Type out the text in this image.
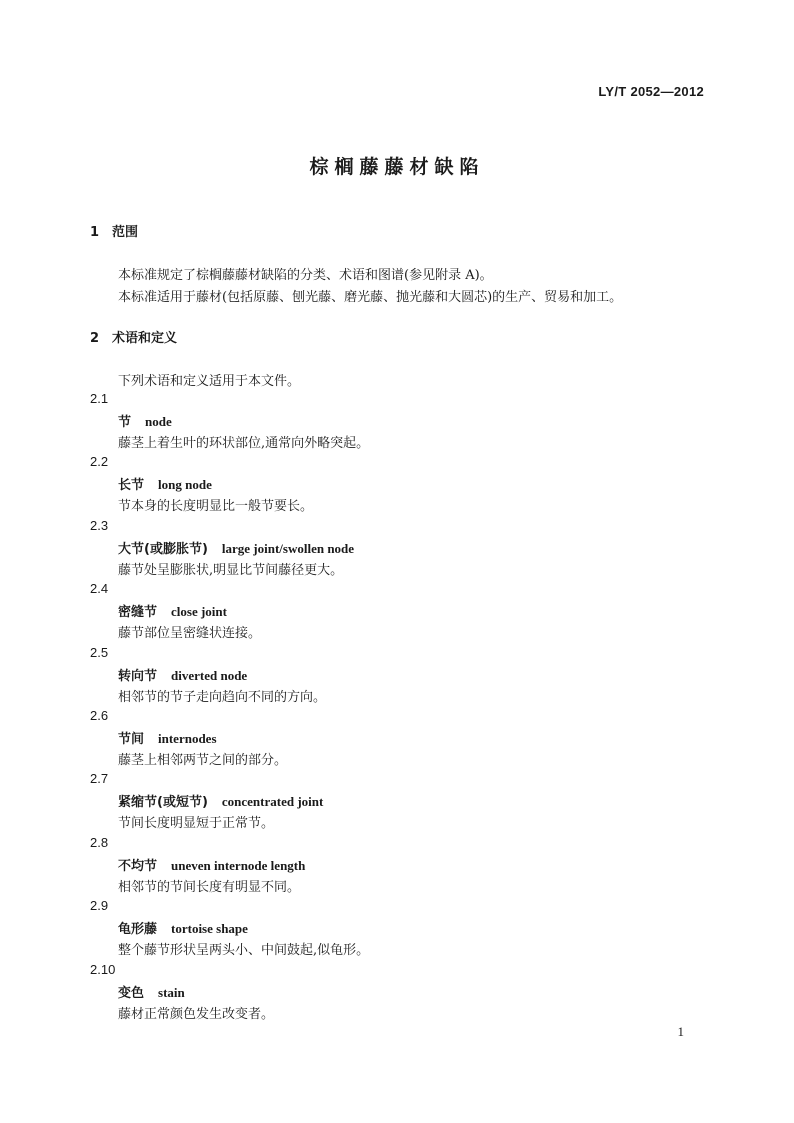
LY/T 2052—2012
棕榈藤藤材缺陷
1 范围
本标准规定了棕榈藤藤材缺陷的分类、术语和图谱(参见附录 A)。
本标准适用于藤材(包括原藤、刨光藤、磨光藤、抛光藤和大圆芯)的生产、贸易和加工。
2 术语和定义
下列术语和定义适用于本文件。
2.1
节 node
藤茎上着生叶的环状部位,通常向外略突起。
2.2
长节 long node
节本身的长度明显比一般节要长。
2.3
大节(或膨胀节) large joint/swollen node
藤节处呈膨胀状,明显比节间藤径更大。
2.4
密缝节 close joint
藤节部位呈密缝状连接。
2.5
转向节 diverted node
相邻节的节子走向趋向不同的方向。
2.6
节间 internodes
藤茎上相邻两节之间的部分。
2.7
紧缩节(或短节) concentrated joint
节间长度明显短于正常节。
2.8
不均节 uneven internode length
相邻节的节间长度有明显不同。
2.9
龟形藤 tortoise shape
整个藤节形状呈两头小、中间鼓起,似龟形。
2.10
变色 stain
藤材正常颜色发生改变者。
1
